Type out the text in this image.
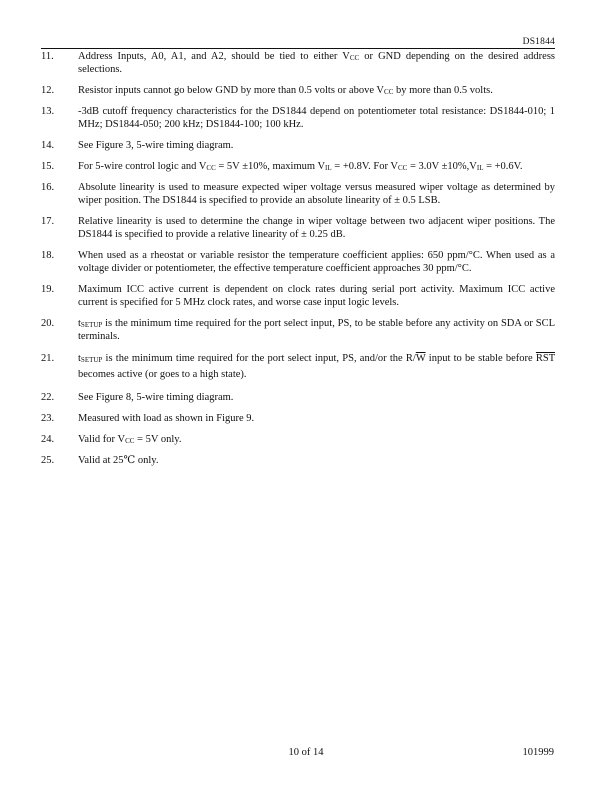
DS1844
11.	Address Inputs, A0, A1, and A2, should be tied to either $V_{CC}$ or GND depending on the desired address selections.
12.	Resistor inputs cannot go below GND by more than 0.5 volts or above $V_{CC}$ by more than 0.5 volts.
13.	-3dB cutoff frequency characteristics for the DS1844 depend on potentiometer total resistance: DS1844-010; 1 MHz; DS1844-050; 200 kHz; DS1844-100; 100 kHz.
14.	See Figure 3, 5-wire timing diagram.
15.	For 5-wire control logic and $V_{CC} = 5V \pm 10\%$, maximum $V_{IL} = +0.8V$. For $V_{CC} = 3.0V \pm 10\%,V_{IL} = +0.6V$.
16.	Absolute linearity is used to measure expected wiper voltage versus measured wiper voltage as determined by wiper position. The DS1844 is specified to provide an absolute linearity of ± 0.5 LSB.
17.	Relative linearity is used to determine the change in wiper voltage between two adjacent wiper positions. The DS1844 is specified to provide a relative linearity of ± 0.25 dB.
18.	When used as a rheostat or variable resistor the temperature coefficient applies: 650 ppm/°C. When used as a voltage divider or potentiometer, the effective temperature coefficient approaches 30 ppm/°C.
19.	Maximum ICC active current is dependent on clock rates during serial port activity. Maximum ICC active current is specified for 5 MHz clock rates, and worse case input logic levels.
20.	$t_{SETUP}$ is the minimum time required for the port select input, PS, to be stable before any activity on SDA or SCL terminals.
21.	$t_{SETUP}$ is the minimum time required for the port select input, PS, and/or the $R/\overline{W}$ input to be stable before $\overline{RST}$ becomes active (or goes to a high state).
22.	See Figure 8, 5-wire timing diagram.
23.	Measured with load as shown in Figure 9.
24.	Valid for $V_{CC} = 5V$ only.
25.	Valid at 25℃ only.
10 of 14	101999
